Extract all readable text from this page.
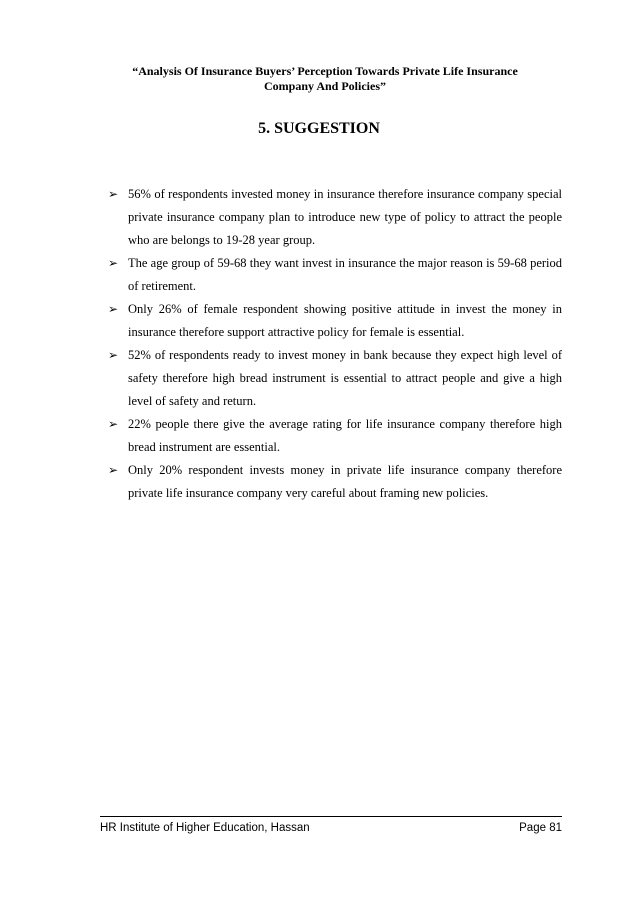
“Analysis Of Insurance Buyers’ Perception Towards Private Life Insurance
Company And Policies”
5. SUGGESTION
➢ 56% of respondents invested money in insurance therefore insurance company special private insurance company plan to introduce new type of policy to attract the people who are belongs to 19-28 year group.
➢ The age group of 59-68 they want invest in insurance the major reason is 59-68 period of retirement.
➢ Only 26% of female respondent showing positive attitude in invest the money in insurance therefore support attractive policy for female is essential.
➢ 52% of respondents ready to invest money in bank because they expect high level of safety therefore high bread instrument is essential to attract people and give a high level of safety and return.
➢ 22% people there give the average rating for life insurance company therefore high bread instrument are essential.
➢ Only 20% respondent invests money in private life insurance company therefore private life insurance company very careful about framing new policies.
HR Institute of Higher Education, Hassan	Page 81
